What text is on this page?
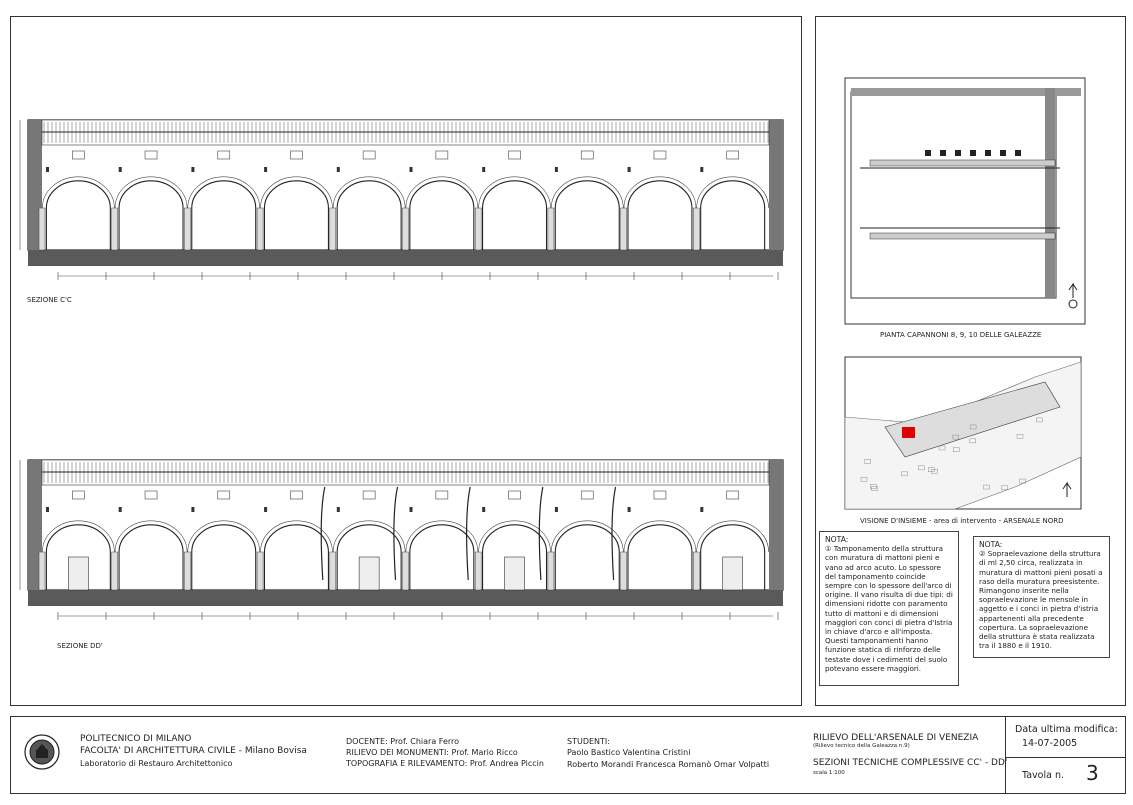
SEZIONE C'C
SEZIONE DD'
PIANTA CAPANNONI 8, 9, 10 DELLE GALEAZZE
VISIONE D'INSIEME - area di intervento - ARSENALE NORD
NOTA:
① Tamponamento della struttura con muratura di mattoni pieni e vano ad arco acuto. Lo spessore del tamponamento coincide sempre con lo spessore dell'arco di origine. Il vano risulta di due tipi: di dimensioni ridotte con paramento tutto di mattoni e di dimensioni maggiori con conci di pietra d'Istria in chiave d'arco e all'imposta. Questi tamponamenti hanno funzione statica di rinforzo delle testate dove i cedimenti del suolo potevano essere maggiori.
NOTA:
② Sopraelevazione della struttura di ml 2,50 circa, realizzata in muratura di mattoni pieni posati a raso della muratura preesistente. Rimangono inserite nella sopraelevazione le mensole in aggetto e i conci in pietra d'istria appartenenti alla precedente copertura. La sopraelevazione della struttura è stata realizzata tra il 1880 e il 1910.
POLITECNICO DI MILANO
FACOLTA' DI ARCHITETTURA CIVILE - Milano Bovisa
Laboratorio di Restauro Architettonico
DOCENTE: Prof. Chiara Ferro
RILIEVO DEI MONUMENTI: Prof. Mario Ricco
TOPOGRAFIA E RILEVAMENTO: Prof. Andrea Piccin
STUDENTI:
Paolo Bastico Valentina Cristini
Roberto Morandi Francesca Romanò Omar Volpatti
RILIEVO DELL'ARSENALE DI VENEZIA
(Rilievo tecnico della Galeazza n.9)
SEZIONI TECNICHE COMPLESSIVE CC' - DD'
scala 1:100
Data ultima modifica:
14-07-2005
Tavola n. 3
